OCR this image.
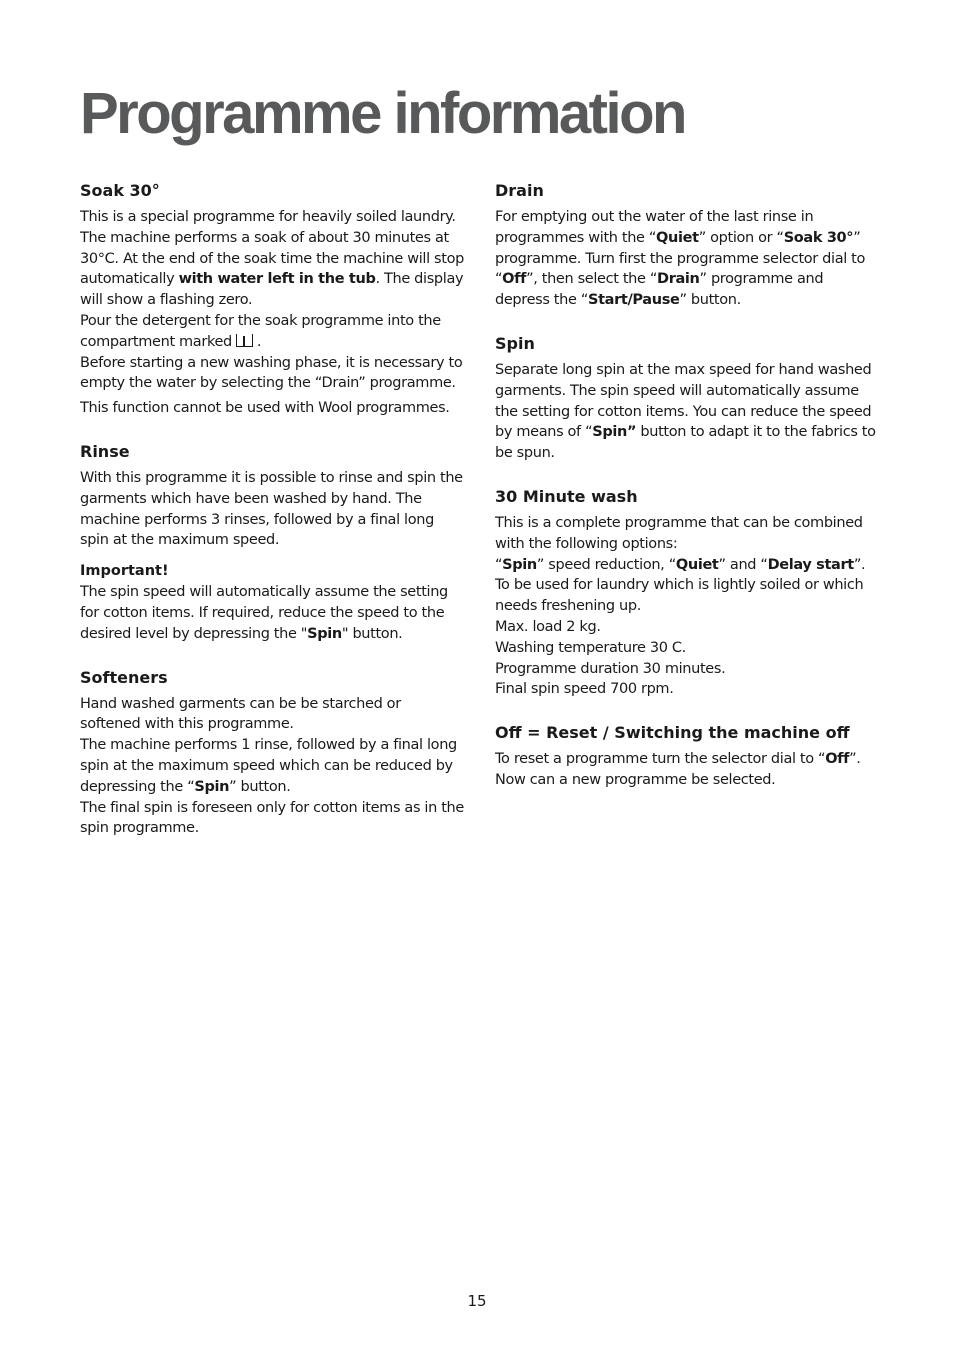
Programme information
Soak 30°

This is a special programme for heavily soiled laundry. The machine performs a soak of about 30 minutes at 30°C. At the end of the soak time the machine will stop automatically with water left in the tub. The display will show a flashing zero.

Pour the detergent for the soak programme into the compartment marked .

Before starting a new washing phase, it is necessary to empty the water by selecting the “Drain” programme.

This function cannot be used with Wool programmes.

Rinse

With this programme it is possible to rinse and spin the garments which have been washed by hand. The machine performs 3 rinses, followed by a final long spin at the maximum speed.

Important!

The spin speed will automatically assume the setting for cotton items. If required, reduce the speed to the desired level by depressing the "Spin" button.

Softeners

Hand washed garments can be be starched or softened with this programme.

The machine performs 1 rinse, followed by a final long spin at the maximum speed which can be reduced by depressing the “Spin” button.

The final spin is foreseen only for cotton items as in the spin programme.

Drain

For emptying out the water of the last rinse in programmes with the “Quiet” option or “Soak 30°” programme. Turn first the programme selector dial to “Off”, then select the “Drain” programme and depress the “Start/Pause” button.

Spin

Separate long spin at the max speed for hand washed garments. The spin speed will automatically assume the setting for cotton items. You can reduce the speed by means of “Spin” button to adapt it to the fabrics to be spun.

30 Minute wash

This is a complete programme that can be combined with the following options:

“Spin” speed reduction, “Quiet” and “Delay start”.

To be used for laundry which is lightly soiled or which needs freshening up.

Max. load 2 kg.

Washing temperature 30 C.

Programme duration 30 minutes.

Final spin speed 700 rpm.

Off = Reset / Switching the machine off

To reset a programme turn the selector dial to “Off”.

Now can a new programme be selected.

15
